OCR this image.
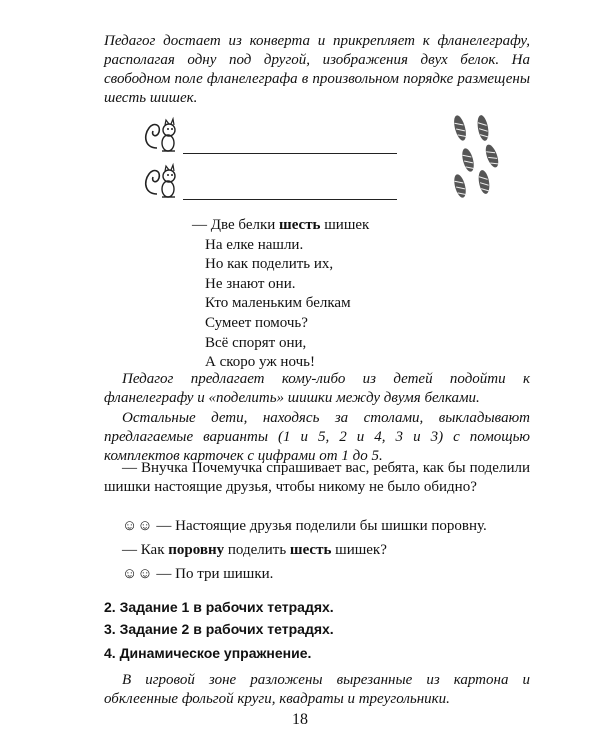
Педагог достает из конверта и прикрепляет к фланелеграфу, располагая одну под другой, изображения двух белок. На свободном поле фланелеграфа в произвольном порядке размещены шесть шишек.
— Две белки шесть шишек
На елке нашли.
Но как поделить их,
Не знают они.
Кто маленьким белкам
Сумеет помочь?
Всё спорят они,
А скоро уж ночь!
Педагог предлагает кому-либо из детей подойти к фланелеграфу и «поделить» шишки между двумя белками.
Остальные дети, находясь за столами, выкладывают предлагаемые варианты (1 и 5, 2 и 4, 3 и 3) с помощью комплектов карточек с цифрами от 1 до 5.
— Внучка Почемучка спрашивает вас, ребята, как бы поделили шишки настоящие друзья, чтобы никому не было обидно?
☺☺ — Настоящие друзья поделили бы шишки поровну.
— Как поровну поделить шесть шишек?
☺☺ — По три шишки.
2. Задание 1 в рабочих тетрадях.
3. Задание 2 в рабочих тетрадях.
4. Динамическое упражнение.
В игровой зоне разложены вырезанные из картона и обклеенные фольгой круги, квадраты и треугольники.
18
